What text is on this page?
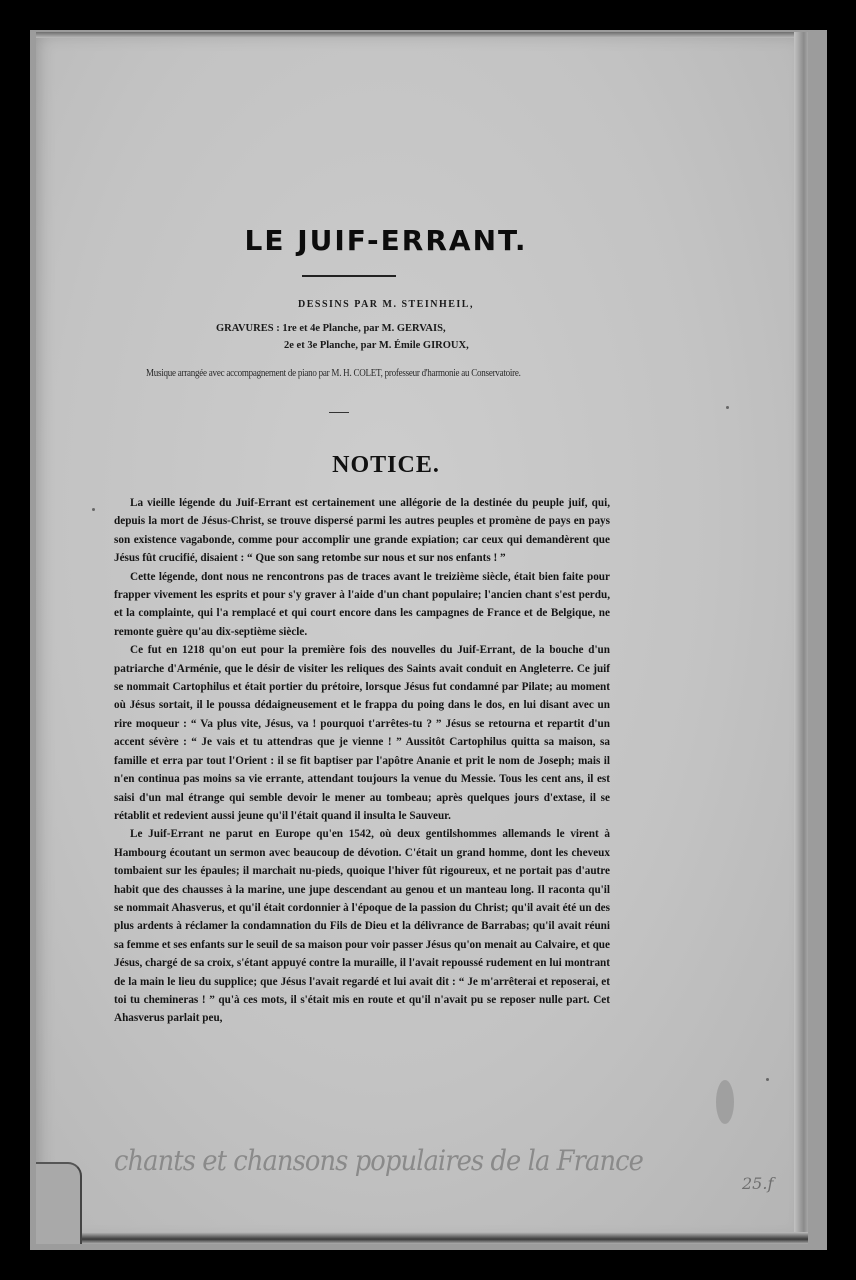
LE JUIF-ERRANT.
DESSINS PAR M. STEINHEIL,
GRAVURES : 1re et 4e Planche, par M. GERVAIS,
2e et 3e Planche, par M. Émile GIROUX,
Musique arrangée avec accompagnement de piano par M. H. COLET, professeur d'harmonie au Conservatoire.
NOTICE.

La vieille légende du Juif-Errant est certainement une allégorie de la destinée du peuple juif, qui, depuis la mort de Jésus-Christ, se trouve dispersé parmi les autres peuples et promène de pays en pays son existence vagabonde, comme pour accomplir une grande expiation; car ceux qui demandèrent que Jésus fût crucifié, disaient : “ Que son sang retombe sur nous et sur nos enfants ! ”

Cette légende, dont nous ne rencontrons pas de traces avant le treizième siècle, était bien faite pour frapper vivement les esprits et pour s'y graver à l'aide d'un chant populaire; l'ancien chant s'est perdu, et la complainte, qui l'a remplacé et qui court encore dans les campagnes de France et de Belgique, ne remonte guère qu'au dix-septième siècle.

Ce fut en 1218 qu'on eut pour la première fois des nouvelles du Juif-Errant, de la bouche d'un patriarche d'Arménie, que le désir de visiter les reliques des Saints avait conduit en Angleterre. Ce juif se nommait Cartophilus et était portier du prétoire, lorsque Jésus fut condamné par Pilate; au moment où Jésus sortait, il le poussa dédaigneusement et le frappa du poing dans le dos, en lui disant avec un rire moqueur : “ Va plus vite, Jésus, va ! pourquoi t'arrêtes-tu ? ” Jésus se retourna et repartit d'un accent sévère : “ Je vais et tu attendras que je vienne ! ” Aussitôt Cartophilus quitta sa maison, sa famille et erra par tout l'Orient : il se fit baptiser par l'apôtre Ananie et prit le nom de Joseph; mais il n'en continua pas moins sa vie errante, attendant toujours la venue du Messie. Tous les cent ans, il est saisi d'un mal étrange qui semble devoir le mener au tombeau; après quelques jours d'extase, il se rétablit et redevient aussi jeune qu'il l'était quand il insulta le Sauveur.

Le Juif-Errant ne parut en Europe qu'en 1542, où deux gentilshommes allemands le virent à Hambourg écoutant un sermon avec beaucoup de dévotion. C'était un grand homme, dont les cheveux tombaient sur les épaules; il marchait nu-pieds, quoique l'hiver fût rigoureux, et ne portait pas d'autre habit que des chausses à la marine, une jupe descendant au genou et un manteau long. Il raconta qu'il se nommait Ahasverus, et qu'il était cordonnier à l'époque de la passion du Christ; qu'il avait été un des plus ardents à réclamer la condamnation du Fils de Dieu et la délivrance de Barrabas; qu'il avait réuni sa femme et ses enfants sur le seuil de sa maison pour voir passer Jésus qu'on menait au Calvaire, et que Jésus, chargé de sa croix, s'étant appuyé contre la muraille, il l'avait repoussé rudement en lui montrant de la main le lieu du supplice; que Jésus l'avait regardé et lui avait dit : “ Je m'arrêterai et reposerai, et toi tu chemineras ! ” qu'à ces mots, il s'était mis en route et qu'il n'avait pu se reposer nulle part. Cet Ahasverus parlait peu,

chants et chansons populaires de la France
25.f
